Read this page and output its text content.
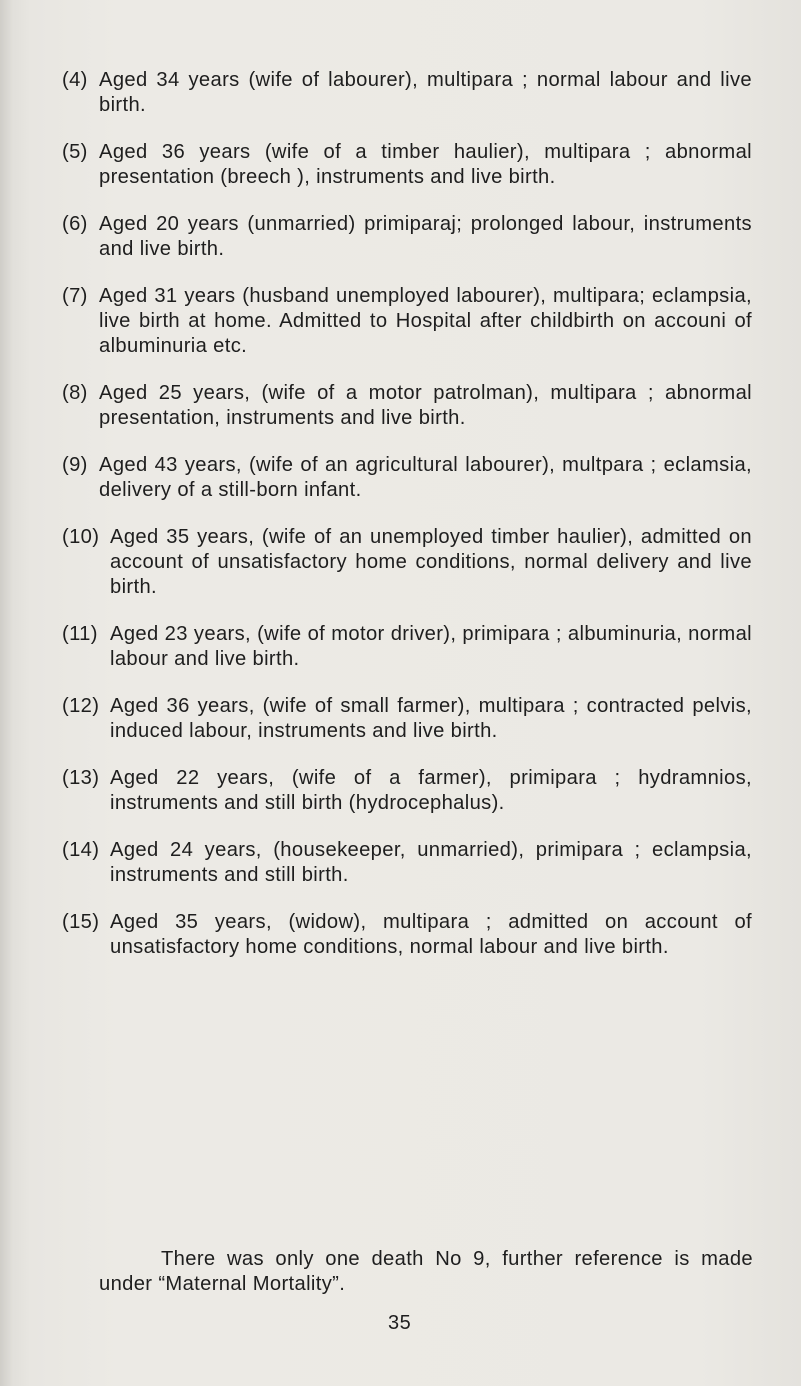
(4) Aged 34 years (wife of labourer), multipara ; normal labour and live birth.
(5) Aged 36 years (wife of a timber haulier), multipara ; abnormal presentation (breech ), instruments and live birth.
(6) Aged 20 years (unmarried) primiparaj; prolonged labour, instruments and live birth.
(7) Aged 31 years (husband unemployed labourer), multipara; eclampsia, live birth at home. Admitted to Hospital after childbirth on accouni of albuminuria etc.
(8) Aged 25 years, (wife of a motor patrolman), multipara ; abnormal presentation, instruments and live birth.
(9) Aged 43 years, (wife of an agricultural labourer), multpara ; eclamsia, delivery of a still-born infant.
(10) Aged 35 years, (wife of an unemployed timber haulier), admitted on account of unsatisfactory home conditions, normal delivery and live birth.
(11) Aged 23 years, (wife of motor driver), primipara ; albuminuria, normal labour and live birth.
(12) Aged 36 years, (wife of small farmer), multipara ; contracted pelvis, induced labour, instruments and live birth.
(13) Aged 22 years, (wife of a farmer), primipara ; hydramnios, instruments and still birth (hydrocephalus).
(14) Aged 24 years, (housekeeper, unmarried), primipara ; eclampsia, instruments and still birth.
(15) Aged 35 years, (widow), multipara ; admitted on account of unsatisfactory home conditions, normal labour and live birth.

There was only one death No 9, further reference is made under “Maternal Mortality”.

35
